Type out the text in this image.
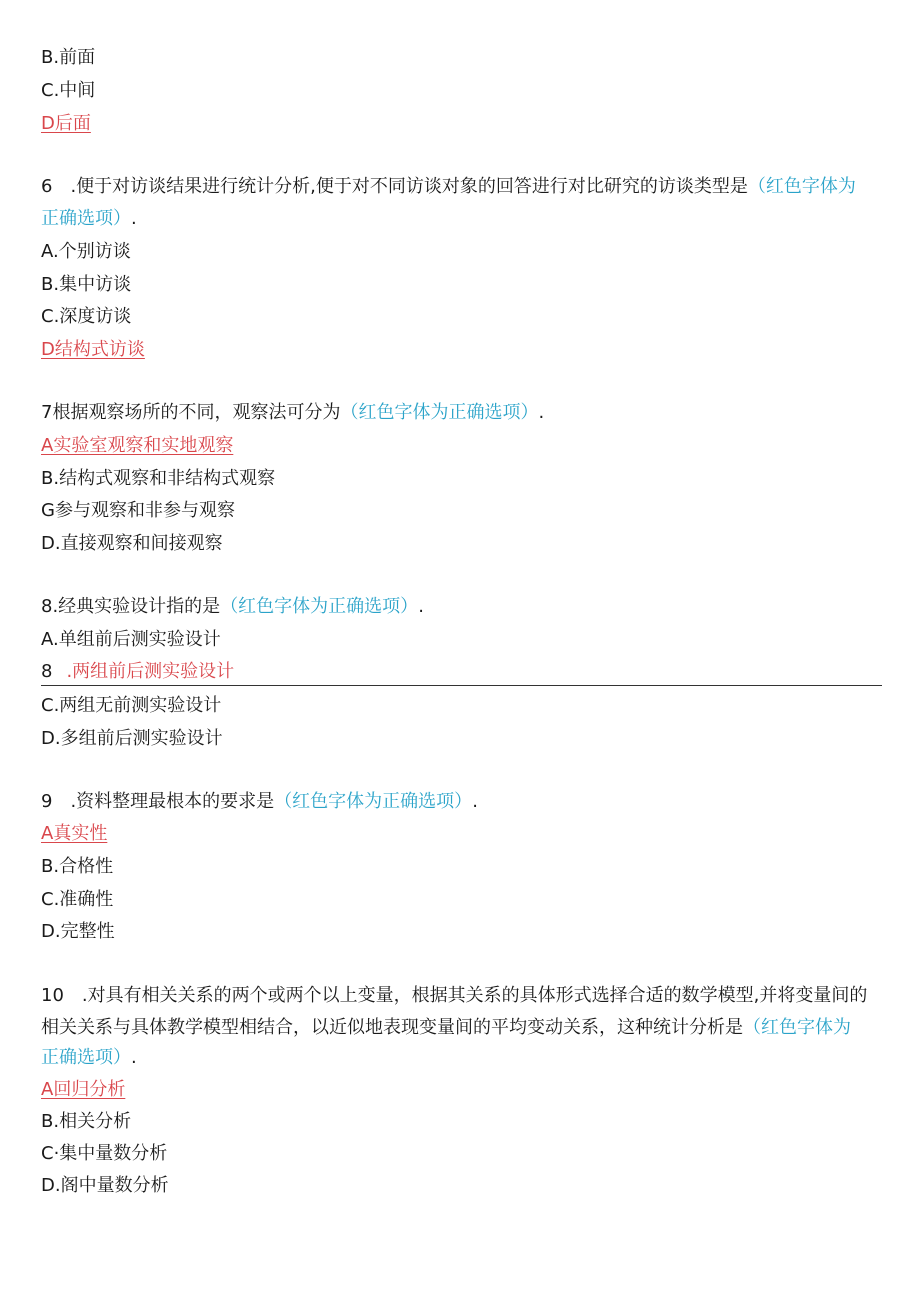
B.前面
C.中间
D后面
6　.便于对访谈结果进行统计分析,便于对不同访谈对象的回答进行对比研究的访谈类型是（红色字体为
正确选项）.
A.个别访谈
B.集中访谈
C.深度访谈
D结构式访谈
7根据观察场所的不同，观察法可分为（红色字体为正确选项）.
A实验室观察和实地观察
B.结构式观察和非结构式观察
G参与观察和非参与观察
D.直接观察和间接观察
8.经典实验设计指的是（红色字体为正确选项）.
A.单组前后测实验设计
8 .两组前后测实验设计
C.两组无前测实验设计
D.多组前后测实验设计
9　.资料整理最根本的要求是（红色字体为正确选项）.
A真实性
B.合格性
C.准确性
D.完整性
10　.对具有相关关系的两个或两个以上变量，根据其关系的具体形式选择合适的数学模型,并将变量间的
相关关系与具体教学模型相结合，以近似地表现变量间的平均变动关系，这种统计分析是（红色字体为
正确选项）.
A回归分析
B.相关分析
C·集中量数分析
D.阁中量数分析
